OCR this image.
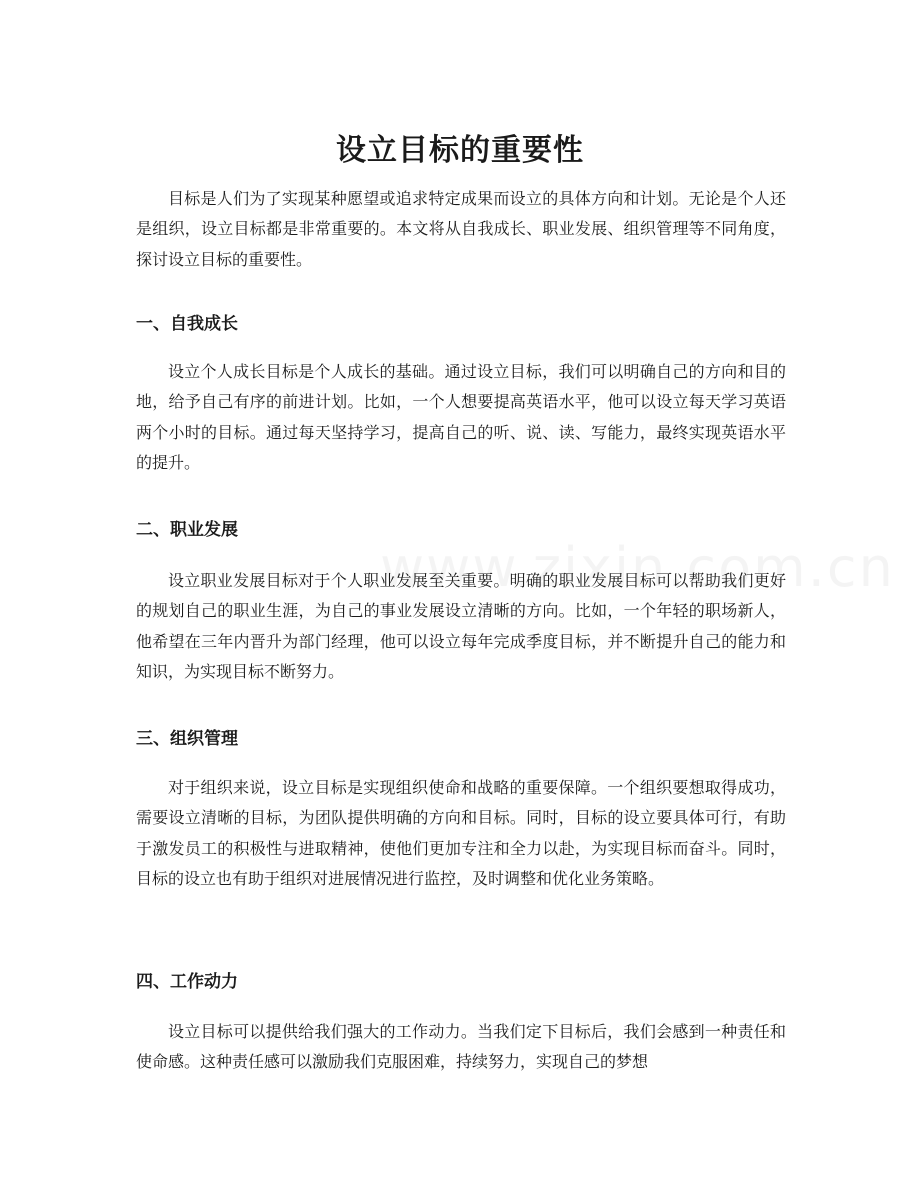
设立目标的重要性

目标是人们为了实现某种愿望或追求特定成果而设立的具体方向和计划。无论是个人还是组织，设立目标都是非常重要的。本文将从自我成长、职业发展、组织管理等不同角度，探讨设立目标的重要性。

一、自我成长

设立个人成长目标是个人成长的基础。通过设立目标，我们可以明确自己的方向和目的地，给予自己有序的前进计划。比如，一个人想要提高英语水平，他可以设立每天学习英语两个小时的目标。通过每天坚持学习，提高自己的听、说、读、写能力，最终实现英语水平的提升。

二、职业发展

设立职业发展目标对于个人职业发展至关重要。明确的职业发展目标可以帮助我们更好的规划自己的职业生涯，为自己的事业发展设立清晰的方向。比如，一个年轻的职场新人，他希望在三年内晋升为部门经理，他可以设立每年完成季度目标，并不断提升自己的能力和知识，为实现目标不断努力。

三、组织管理

对于组织来说，设立目标是实现组织使命和战略的重要保障。一个组织要想取得成功，需要设立清晰的目标，为团队提供明确的方向和目标。同时，目标的设立要具体可行，有助于激发员工的积极性与进取精神，使他们更加专注和全力以赴，为实现目标而奋斗。同时，目标的设立也有助于组织对进展情况进行监控，及时调整和优化业务策略。

四、工作动力

设立目标可以提供给我们强大的工作动力。当我们定下目标后，我们会感到一种责任和使命感。这种责任感可以激励我们克服困难，持续努力，实现自己的梦想
